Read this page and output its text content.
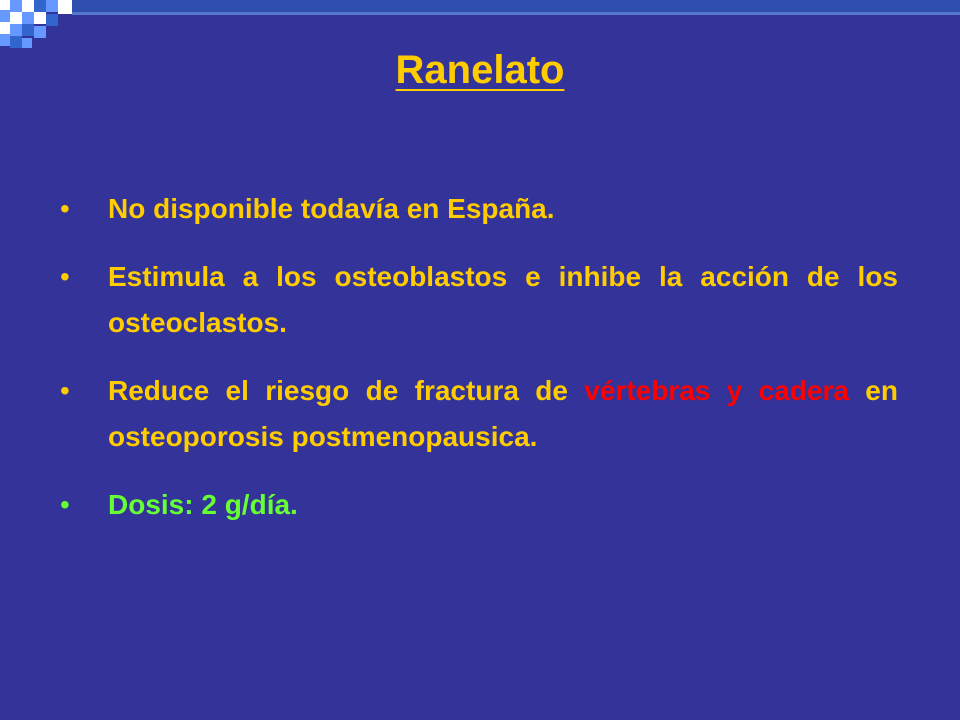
Ranelato
• No disponible todavía en España.
• Estimula a los osteoblastos e inhibe la acción de los osteoclastos.
• Reduce el riesgo de fractura de vértebras y cadera en osteoporosis postmenopausica.
• Dosis: 2 g/día.
